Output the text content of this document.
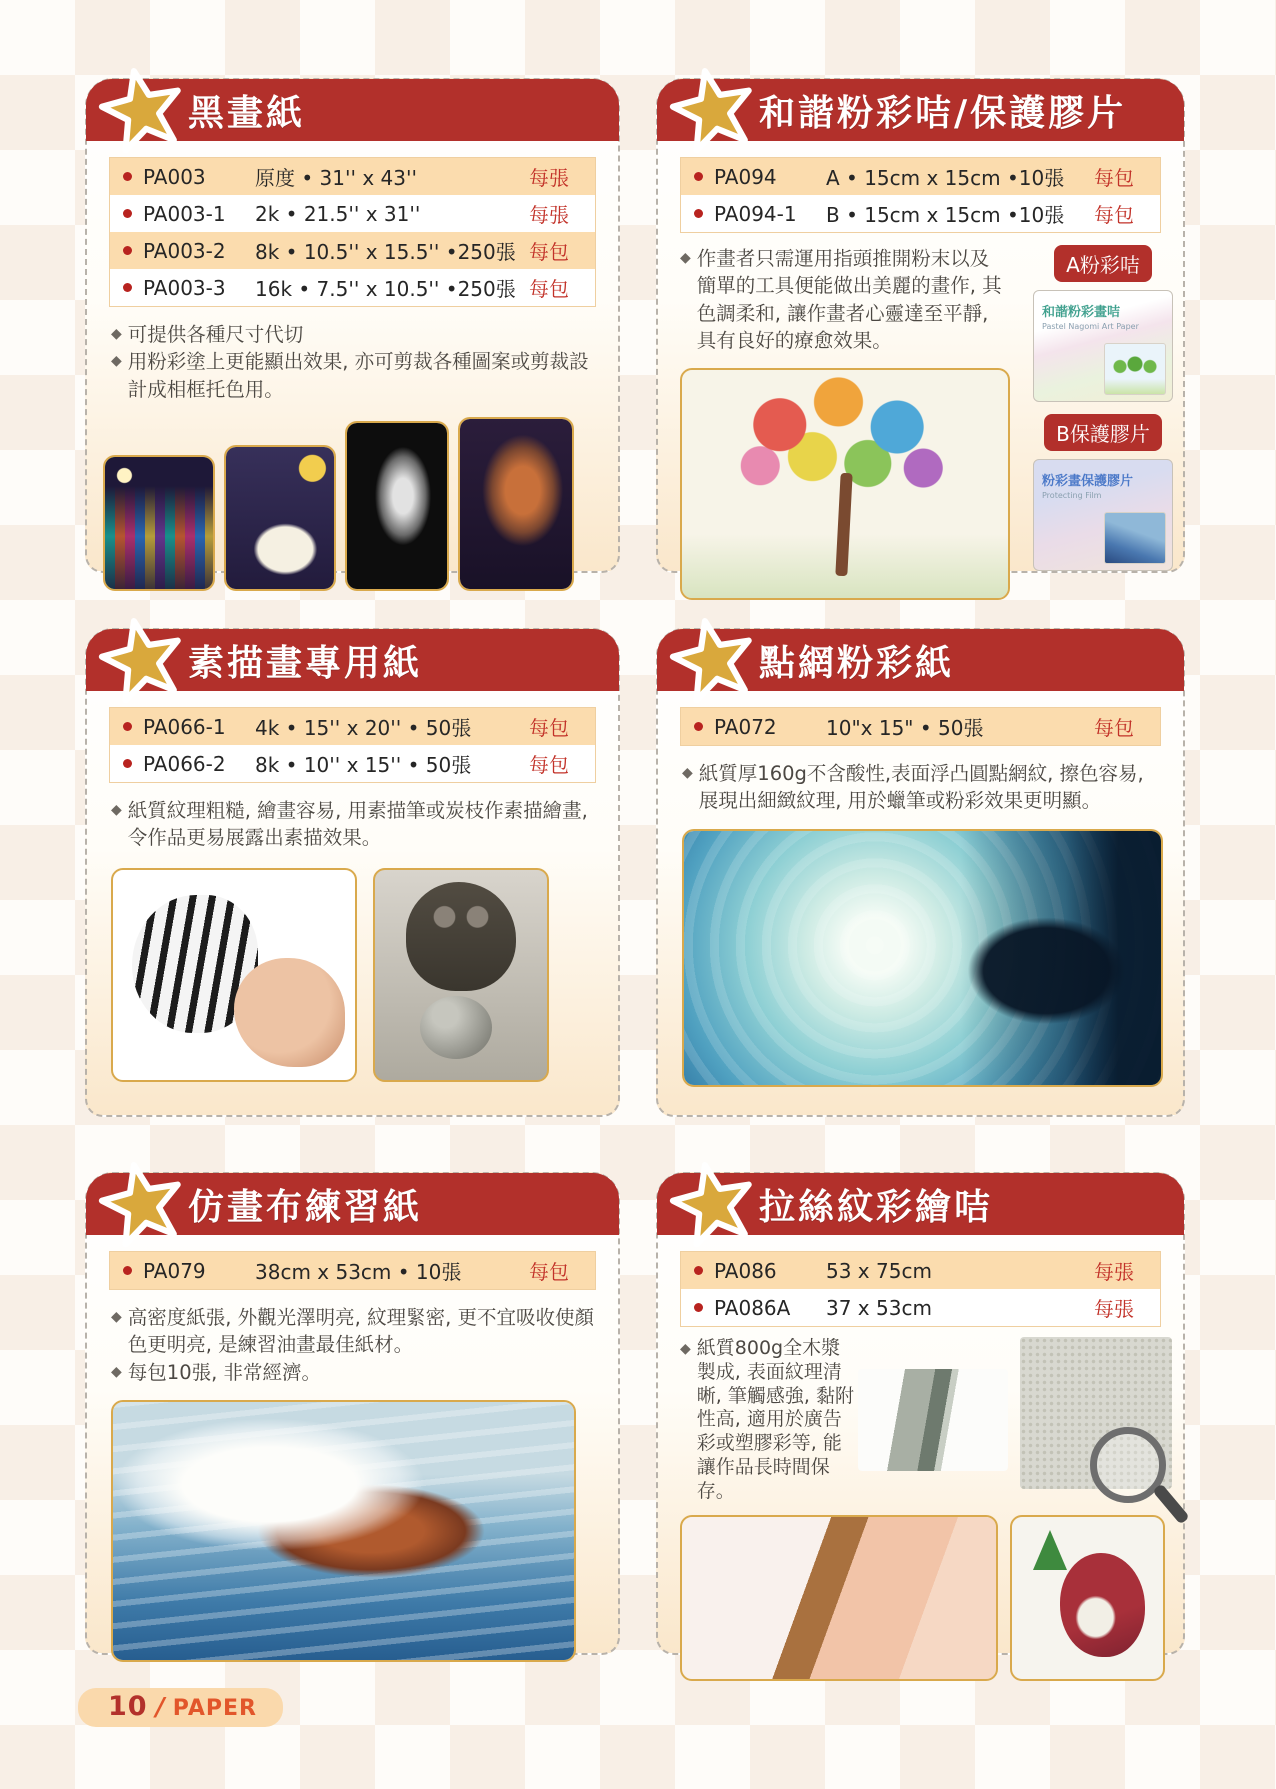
黑畫紙
PA003	原度 • 31'' x 43''	每張
PA003-1	2k • 21.5'' x 31''	每張
PA003-2	8k • 10.5'' x 15.5'' •250張 每包
PA003-3	16k • 7.5'' x 10.5'' •250張 每包
◆ 可提供各種尺寸代切
◆ 用粉彩塗上更能顯出效果, 亦可剪裁各種圖案或剪裁設計成相框托色用。
和諧粉彩咭/保護膠片
PA094	A • 15cm x 15cm •10張	每包
PA094-1	B • 15cm x 15cm •10張	每包
◆ 作畫者只需運用指頭推開粉末以及簡單的工具便能做出美麗的畫作, 其色調柔和, 讓作畫者心靈達至平靜, 具有良好的療愈效果。
A粉彩咭
和諧粉彩畫咭
Pastel Nagomi Art Paper
B保護膠片
粉彩畫保護膠片
Protecting Film
素描畫專用紙
PA066-1	4k • 15'' x 20'' • 50張	每包
PA066-2	8k • 10'' x 15'' • 50張	每包
◆ 紙質紋理粗糙, 繪畫容易, 用素描筆或炭枝作素描繪畫, 令作品更易展露出素描效果。
點網粉彩紙
PA072	10"x 15" • 50張	每包
◆ 紙質厚160g不含酸性,表面浮凸圓點網紋, 擦色容易,展現出細緻紋理, 用於蠟筆或粉彩效果更明顯。
仿畫布練習紙
PA079	38cm x 53cm • 10張	每包
◆ 高密度紙張, 外觀光澤明亮, 紋理緊密, 更不宜吸收使顏色更明亮, 是練習油畫最佳紙材。
◆ 每包10張, 非常經濟。
拉絲紋彩繪咭
PA086	53 x 75cm	每張
PA086A	37 x 53cm	每張
◆ 紙質800g全木漿製成, 表面紋理清晰, 筆觸感強, 黏附性高, 適用於廣告彩或塑膠彩等, 能讓作品長時間保存。
10 / PAPER
